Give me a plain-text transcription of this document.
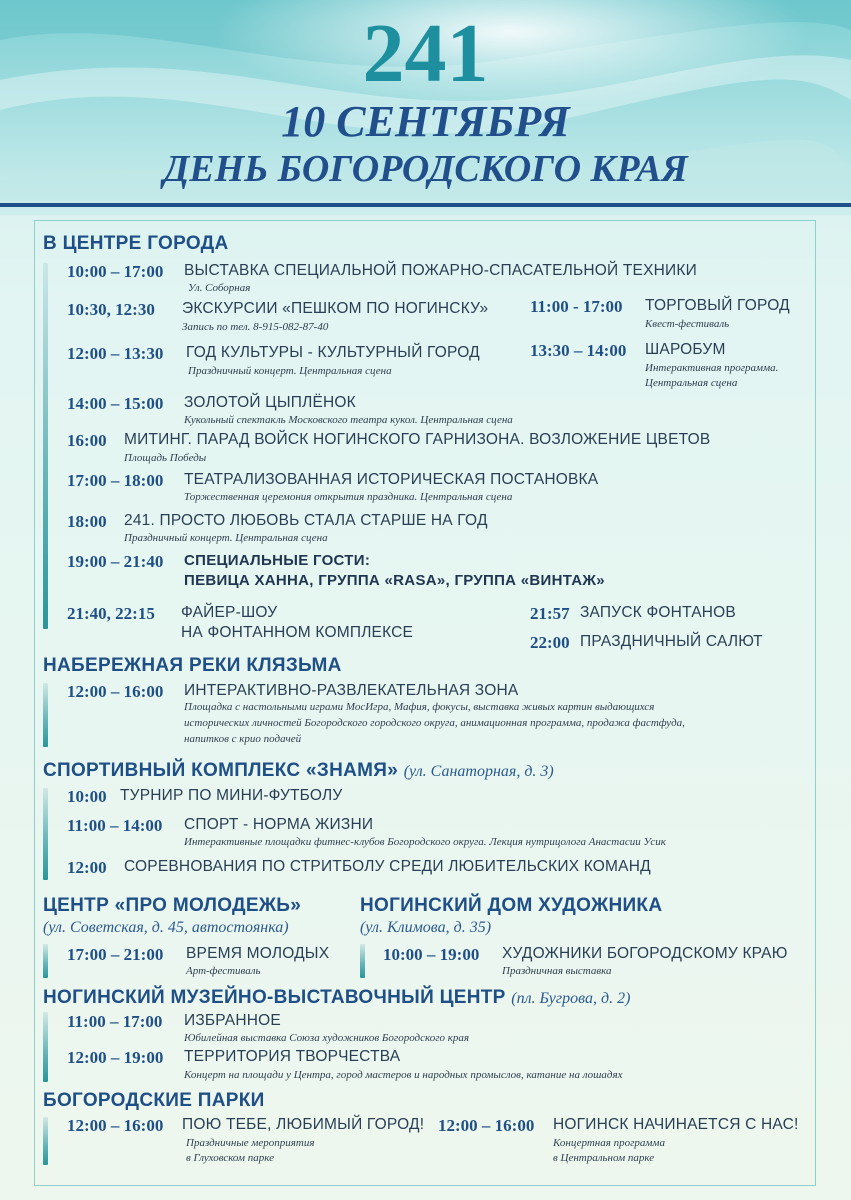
241
10 СЕНТЯБРЯ
ДЕНЬ БОГОРОДСКОГО КРАЯ
В ЦЕНТРЕ ГОРОДА
10:00 – 17:00 ВЫСТАВКА СПЕЦИАЛЬНОЙ ПОЖАРНО-СПАСАТЕЛЬНОЙ ТЕХНИКИ
Ул. Соборная
10:30, 12:30 ЭКСКУРСИИ «ПЕШКОМ ПО НОГИНСКУ»
Запись по тел. 8-915-082-87-40
11:00 - 17:00 ТОРГОВЫЙ ГОРОД
Квест-фестиваль
12:00 – 13:30 ГОД КУЛЬТУРЫ - КУЛЬТУРНЫЙ ГОРОД
Праздничный концерт. Центральная сцена
13:30 – 14:00 ШАРОБУМ
Интерактивная программа.
Центральная сцена
14:00 – 15:00 ЗОЛОТОЙ ЦЫПЛЁНОК
Кукольный спектакль Московского театра кукол. Центральная сцена
16:00 МИТИНГ. ПАРАД ВОЙСК НОГИНСКОГО ГАРНИЗОНА. ВОЗЛОЖЕНИЕ ЦВЕТОВ
Площадь Победы
17:00 – 18:00 ТЕАТРАЛИЗОВАННАЯ ИСТОРИЧЕСКАЯ ПОСТАНОВКА
Торжественная церемония открытия праздника. Центральная сцена
18:00 241. ПРОСТО ЛЮБОВЬ СТАЛА СТАРШЕ НА ГОД
Праздничный концерт. Центральная сцена
19:00 – 21:40 СПЕЦИАЛЬНЫЕ ГОСТИ:
ПЕВИЦА ХАННА, ГРУППА «RASA», ГРУППА «ВИНТАЖ»
21:40, 22:15 ФАЙЕР-ШОУ
НА ФОНТАННОМ КОМПЛЕКСЕ
21:57 ЗАПУСК ФОНТАНОВ
22:00 ПРАЗДНИЧНЫЙ САЛЮТ
НАБЕРЕЖНАЯ РЕКИ КЛЯЗЬМА
12:00 – 16:00 ИНТЕРАКТИВНО-РАЗВЛЕКАТЕЛЬНАЯ ЗОНА
Площадка с настольными играми МосИгра, Мафия, фокусы, выставка живых картин выдающихся
исторических личностей Богородского городского округа, анимационная программа, продажа фастфуда,
напитков с крио подачей
СПОРТИВНЫЙ КОМПЛЕКС «ЗНАМЯ» (ул. Санаторная, д. 3)
10:00 ТУРНИР ПО МИНИ-ФУТБОЛУ
11:00 – 14:00 СПОРТ - НОРМА ЖИЗНИ
Интерактивные площадки фитнес-клубов Богородского округа. Лекция нутрицолога Анастасии Усик
12:00 СОРЕВНОВАНИЯ ПО СТРИТБОЛУ СРЕДИ ЛЮБИТЕЛЬСКИХ КОМАНД
ЦЕНТР «ПРО МОЛОДЕЖЬ»
(ул. Советская, д. 45, автостоянка)
17:00 – 21:00 ВРЕМЯ МОЛОДЫХ
Арт-фестиваль
НОГИНСКИЙ ДОМ ХУДОЖНИКА
(ул. Климова, д. 35)
10:00 – 19:00 ХУДОЖНИКИ БОГОРОДСКОМУ КРАЮ
Праздничная выставка
НОГИНСКИЙ МУЗЕЙНО-ВЫСТАВОЧНЫЙ ЦЕНТР (пл. Бугрова, д. 2)
11:00 – 17:00 ИЗБРАННОЕ
Юбилейная выставка Союза художников Богородского края
12:00 – 19:00 ТЕРРИТОРИЯ ТВОРЧЕСТВА
Концерт на площади у Центра, город мастеров и народных промыслов, катание на лошадях
БОГОРОДСКИЕ ПАРКИ
12:00 – 16:00 ПОЮ ТЕБЕ, ЛЮБИМЫЙ ГОРОД!
Праздничные мероприятия
в Глуховском парке
12:00 – 16:00 НОГИНСК НАЧИНАЕТСЯ С НАС!
Концертная программа
в Центральном парке
